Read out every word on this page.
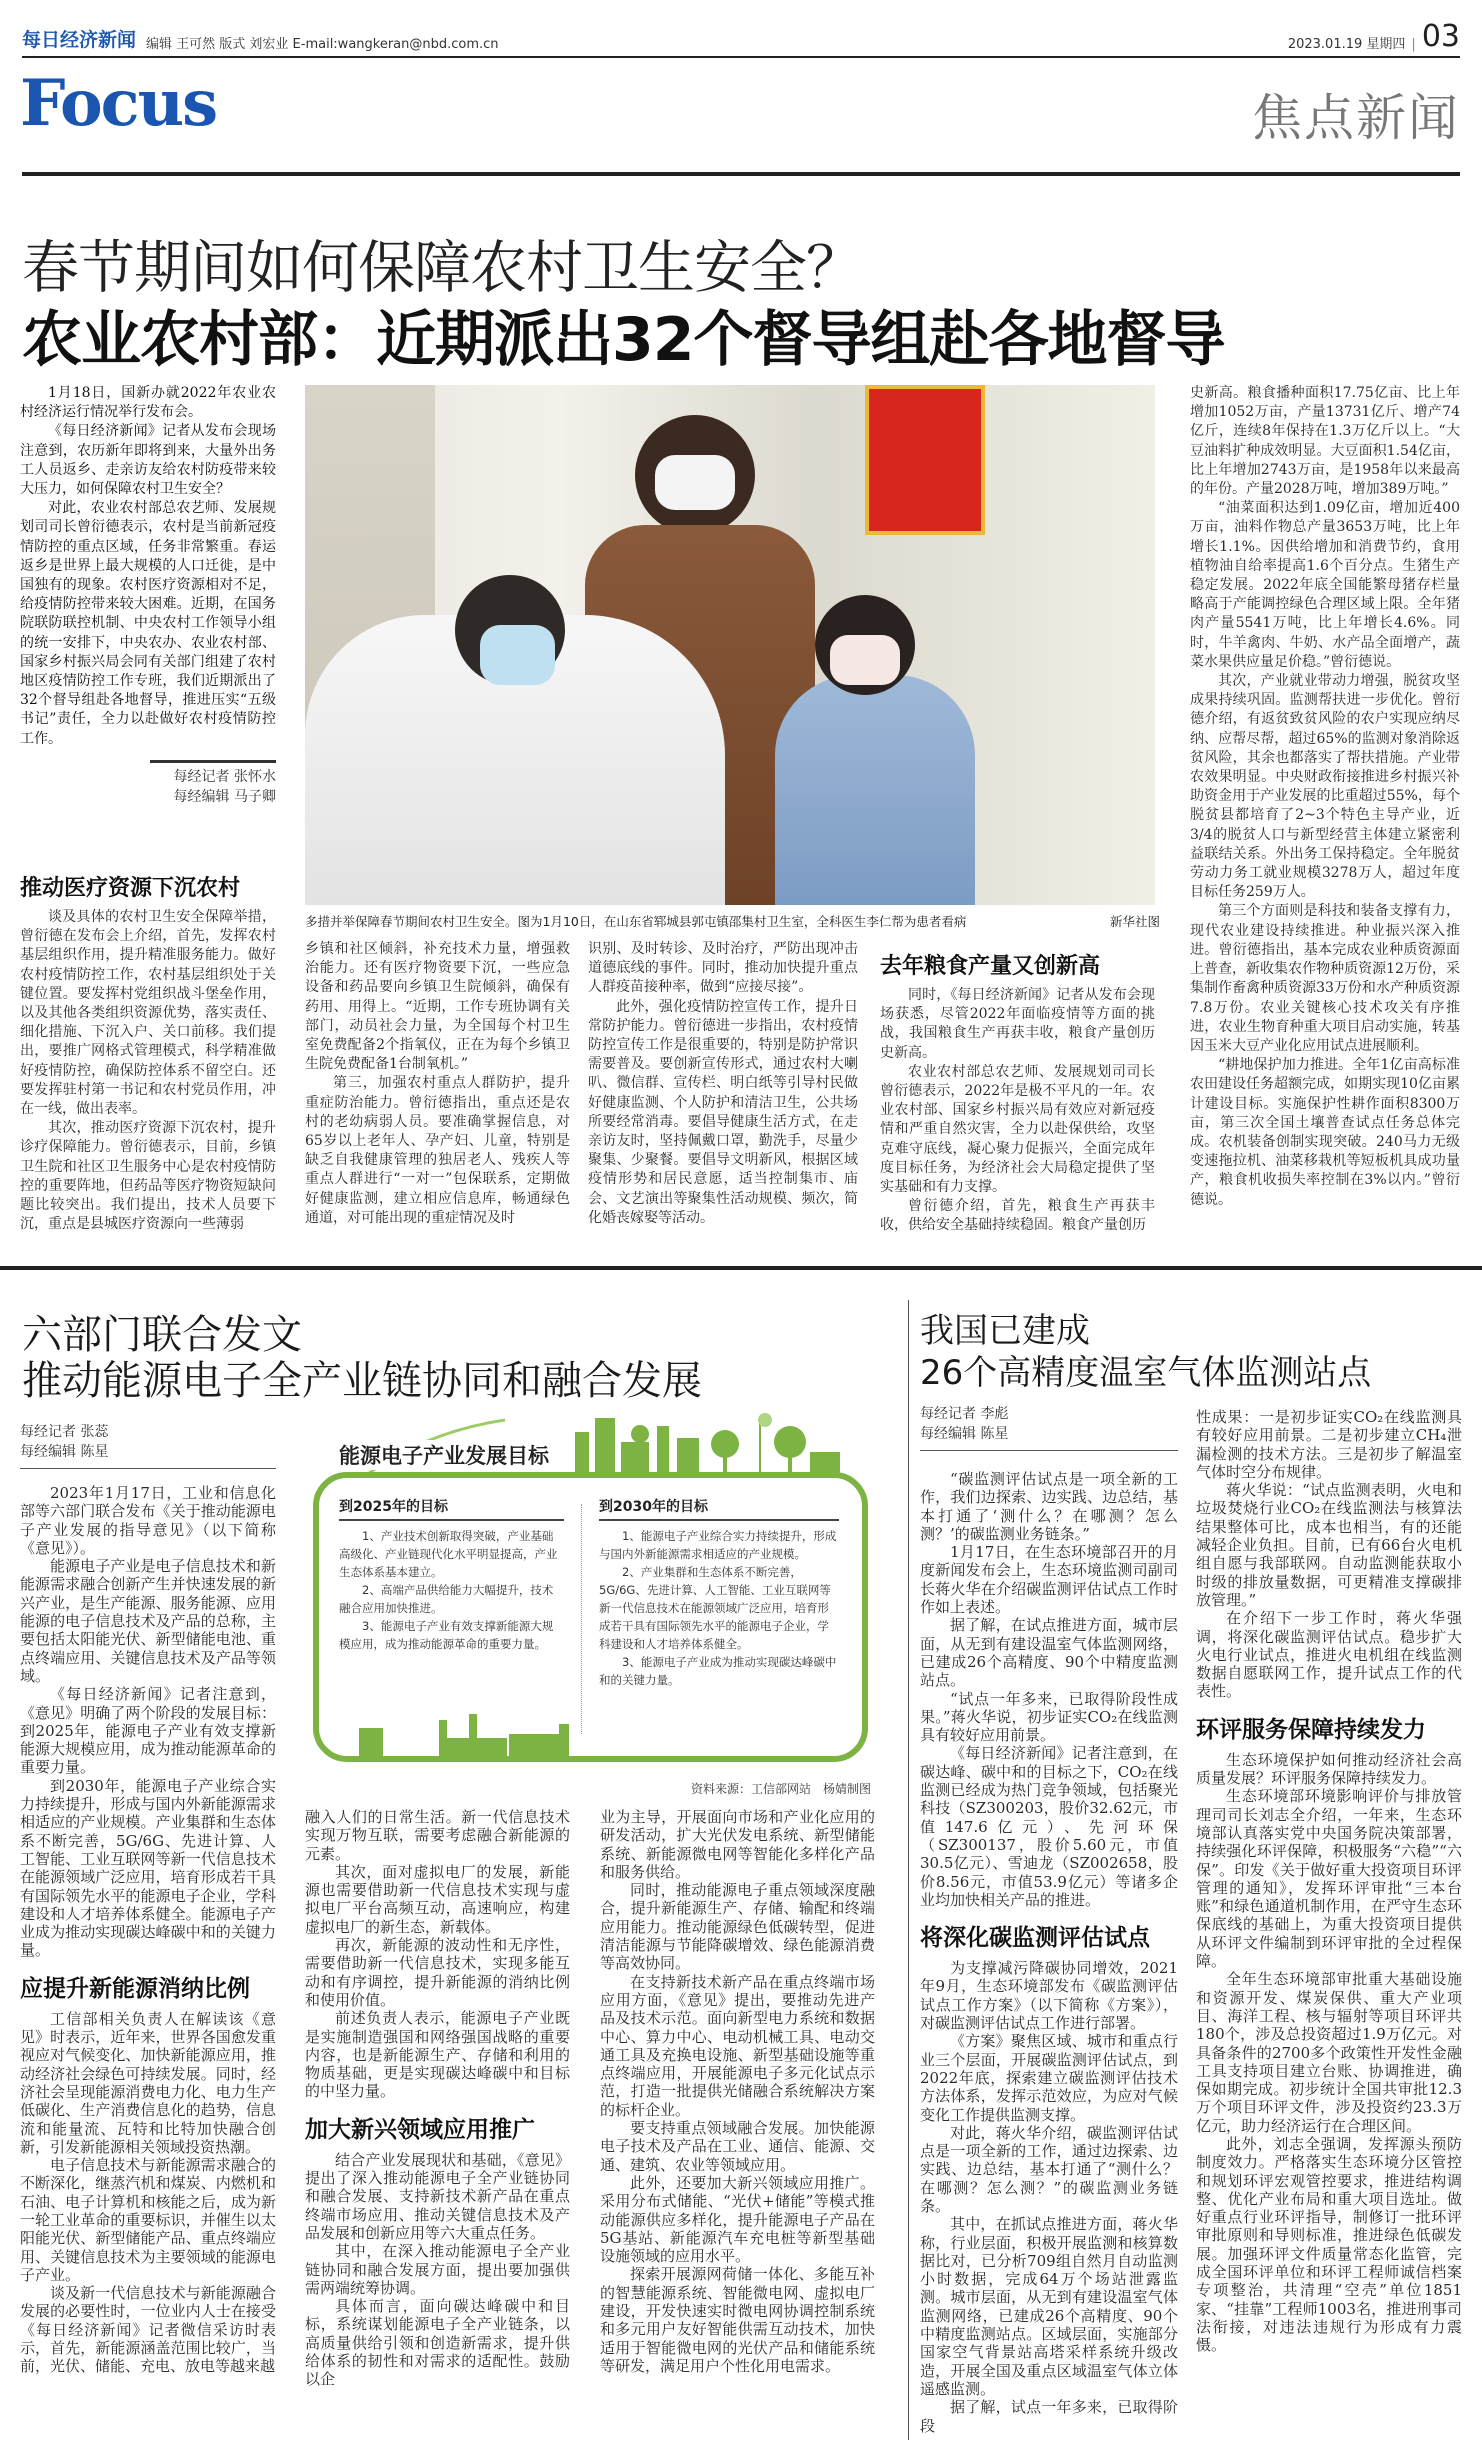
每日经济新闻 编辑 王可然 版式 刘宏业 E-mail:wangkeran@nbd.com.cn	2023.01.19 星期四 | 03
Focus	焦点新闻
春节期间如何保障农村卫生安全？
农业农村部：近期派出32个督导组赴各地督导

1月18日，国新办就2022年农业农村经济运行情况举行发布会。

《每日经济新闻》记者从发布会现场注意到，农历新年即将到来，大量外出务工人员返乡、走亲访友给农村防疫带来较大压力，如何保障农村卫生安全？

对此，农业农村部总农艺师、发展规划司司长曾衍德表示，农村是当前新冠疫情防控的重点区域，任务非常繁重。春运返乡是世界上最大规模的人口迁徙，是中国独有的现象。农村医疗资源相对不足，给疫情防控带来较大困难。近期，在国务院联防联控机制、中央农村工作领导小组的统一安排下，中央农办、农业农村部、国家乡村振兴局会同有关部门组建了农村地区疫情防控工作专班，我们近期派出了32个督导组赴各地督导，推进压实“五级书记”责任，全力以赴做好农村疫情防控工作。

每经记者 张怀水
每经编辑 马子卿
推动医疗资源下沉农村

谈及具体的农村卫生安全保障举措，曾衍德在发布会上介绍，首先，发挥农村基层组织作用，提升精准服务能力。做好农村疫情防控工作，农村基层组织处于关键位置。要发挥村党组织战斗堡垒作用，以及其他各类组织资源优势，落实责任、细化措施、下沉入户、关口前移。我们提出，要推广网格式管理模式，科学精准做好疫情防控，确保防控体系不留空白。还要发挥驻村第一书记和农村党员作用，冲在一线，做出表率。

其次，推动医疗资源下沉农村，提升诊疗保障能力。曾衍德表示，目前，乡镇卫生院和社区卫生服务中心是农村疫情防控的重要阵地，但药品等医疗物资短缺问题比较突出。我们提出，技术人员要下沉，重点是县城医疗资源向一些薄弱

多措并举保障春节期间农村卫生安全。图为1月10日，在山东省郓城县郭屯镇邵集村卫生室，全科医生李仁帮为患者看病	新华社图

乡镇和社区倾斜，补充技术力量，增强救治能力。还有医疗物资要下沉，一些应急设备和药品要向乡镇卫生院倾斜，确保有药用、用得上。“近期，工作专班协调有关部门，动员社会力量，为全国每个村卫生室免费配备2个指氧仪，正在为每个乡镇卫生院免费配备1台制氧机。”

第三，加强农村重点人群防护，提升重症防治能力。曾衍德指出，重点还是农村的老幼病弱人员。要准确掌握信息，对65岁以上老年人、孕产妇、儿童，特别是缺乏自我健康管理的独居老人、残疾人等重点人群进行“一对一”包保联系，定期做好健康监测，建立相应信息库，畅通绿色通道，对可能出现的重症情况及时

识别、及时转诊、及时治疗，严防出现冲击道德底线的事件。同时，推动加快提升重点人群疫苗接种率，做到“应接尽接”。

此外，强化疫情防控宣传工作，提升日常防护能力。曾衍德进一步指出，农村疫情防控宣传工作是很重要的，特别是防护常识需要普及。要创新宣传形式，通过农村大喇叭、微信群、宣传栏、明白纸等引导村民做好健康监测、个人防护和清洁卫生，公共场所要经常消毒。要倡导健康生活方式，在走亲访友时，坚持佩戴口罩，勤洗手，尽量少聚集、少聚餐。要倡导文明新风，根据区域疫情形势和居民意愿，适当控制集市、庙会、文艺演出等聚集性活动规模、频次，简化婚丧嫁娶等活动。

去年粮食产量又创新高

同时，《每日经济新闻》记者从发布会现场获悉，尽管2022年面临疫情等方面的挑战，我国粮食生产再获丰收，粮食产量创历史新高。

农业农村部总农艺师、发展规划司司长曾衍德表示，2022年是极不平凡的一年。农业农村部、国家乡村振兴局有效应对新冠疫情和严重自然灾害，全力以赴保供给，攻坚克难守底线，凝心聚力促振兴，全面完成年度目标任务，为经济社会大局稳定提供了坚实基础和有力支撑。

曾衍德介绍，首先，粮食生产再获丰收，供给安全基础持续稳固。粮食产量创历

史新高。粮食播种面积17.75亿亩、比上年增加1052万亩，产量13731亿斤、增产74亿斤，连续8年保持在1.3万亿斤以上。“大豆油料扩种成效明显。大豆面积1.54亿亩，比上年增加2743万亩，是1958年以来最高的年份。产量2028万吨，增加389万吨。”

“油菜面积达到1.09亿亩，增加近400万亩，油料作物总产量3653万吨，比上年增长1.1%。因供给增加和消费节约，食用植物油自给率提高1.6个百分点。生猪生产稳定发展。2022年底全国能繁母猪存栏量略高于产能调控绿色合理区域上限。全年猪肉产量5541万吨，比上年增长4.6%。同时，牛羊禽肉、牛奶、水产品全面增产，蔬菜水果供应量足价稳。”曾衍德说。

其次，产业就业带动力增强，脱贫攻坚成果持续巩固。监测帮扶进一步优化。曾衍德介绍，有返贫致贫风险的农户实现应纳尽纳、应帮尽帮，超过65%的监测对象消除返贫风险，其余也都落实了帮扶措施。产业带农效果明显。中央财政衔接推进乡村振兴补助资金用于产业发展的比重超过55%，每个脱贫县都培育了2~3个特色主导产业，近3/4的脱贫人口与新型经营主体建立紧密利益联结关系。外出务工保持稳定。全年脱贫劳动力务工就业规模3278万人，超过年度目标任务259万人。

第三个方面则是科技和装备支撑有力，现代农业建设持续推进。种业振兴深入推进。曾衍德指出，基本完成农业种质资源面上普查，新收集农作物种质资源12万份，采集制作畜禽种质资源33万份和水产种质资源7.8万份。农业关键核心技术攻关有序推进，农业生物育种重大项目启动实施，转基因玉米大豆产业化应用试点进展顺利。

“耕地保护加力推进。全年1亿亩高标准农田建设任务超额完成，如期实现10亿亩累计建设目标。实施保护性耕作面积8300万亩，第三次全国土壤普查试点任务总体完成。农机装备创制实现突破。240马力无级变速拖拉机、油菜移栽机等短板机具成功量产，粮食机收损失率控制在3%以内。”曾衍德说。

六部门联合发文
推动能源电子全产业链协同和融合发展
每经记者 张蕊
每经编辑 陈星

2023年1月17日，工业和信息化部等六部门联合发布《关于推动能源电子产业发展的指导意见》（以下简称《意见》）。

能源电子产业是电子信息技术和新能源需求融合创新产生并快速发展的新兴产业，是生产能源、服务能源、应用能源的电子信息技术及产品的总称，主要包括太阳能光伏、新型储能电池、重点终端应用、关键信息技术及产品等领域。

《每日经济新闻》记者注意到，《意见》明确了两个阶段的发展目标：到2025年，能源电子产业有效支撑新能源大规模应用，成为推动能源革命的重要力量。

到2030年，能源电子产业综合实力持续提升，形成与国内外新能源需求相适应的产业规模。产业集群和生态体系不断完善，5G/6G、先进计算、人工智能、工业互联网等新一代信息技术在能源领域广泛应用，培育形成若干具有国际领先水平的能源电子企业，学科建设和人才培养体系健全。能源电子产业成为推动实现碳达峰碳中和的关键力量。

应提升新能源消纳比例

工信部相关负责人在解读该《意见》时表示，近年来，世界各国愈发重视应对气候变化、加快新能源应用，推动经济社会绿色可持续发展。同时，经济社会呈现能源消费电力化、电力生产低碳化、生产消费信息化的趋势，信息流和能量流、瓦特和比特加快融合创新，引发新能源相关领域投资热潮。

电子信息技术与新能源需求融合的不断深化，继蒸汽机和煤炭、内燃机和石油、电子计算机和核能之后，成为新一轮工业革命的重要标识，并催生以太阳能光伏、新型储能产品、重点终端应用、关键信息技术为主要领域的能源电子产业。

谈及新一代信息技术与新能源融合发展的必要性时，一位业内人士在接受《每日经济新闻》记者微信采访时表示，首先，新能源涵盖范围比较广，当前，光伏、储能、充电、放电等越来越

到2025年的目标

1、产业技术创新取得突破，产业基础高级化、产业链现代化水平明显提高，产业生态体系基本建立。

2、高端产品供给能力大幅提升，技术融合应用加快推进。

3、能源电子产业有效支撑新能源大规模应用，成为推动能源革命的重要力量。

到2030年的目标

1、能源电子产业综合实力持续提升，形成与国内外新能源需求相适应的产业规模。

2、产业集群和生态体系不断完善，5G/6G、先进计算、人工智能、工业互联网等新一代信息技术在能源领域广泛应用，培育形成若干具有国际领先水平的能源电子企业，学科建设和人才培养体系健全。

3、能源电子产业成为推动实现碳达峰碳中和的关键力量。

能源电子产业发展目标
资料来源：工信部网站　杨婧制图

融入人们的日常生活。新一代信息技术实现万物互联，需要考虑融合新能源的元素。

其次，面对虚拟电厂的发展，新能源也需要借助新一代信息技术实现与虚拟电厂平台高频互动，高速响应，构建虚拟电厂的新生态，新载体。

再次，新能源的波动性和无序性，需要借助新一代信息技术，实现多能互动和有序调控，提升新能源的消纳比例和使用价值。

前述负责人表示，能源电子产业既是实施制造强国和网络强国战略的重要内容，也是新能源生产、存储和利用的物质基础，更是实现碳达峰碳中和目标的中坚力量。

加大新兴领域应用推广

结合产业发展现状和基础，《意见》提出了深入推动能源电子全产业链协同和融合发展、支持新技术新产品在重点终端市场应用、推动关键信息技术及产品发展和创新应用等六大重点任务。

其中，在深入推动能源电子全产业链协同和融合发展方面，提出要加强供需两端统筹协调。

具体而言，面向碳达峰碳中和目标，系统谋划能源电子全产业链条，以高质量供给引领和创造新需求，提升供给体系的韧性和对需求的适配性。鼓励以企

业为主导，开展面向市场和产业化应用的研发活动，扩大光伏发电系统、新型储能系统、新能源微电网等智能化多样化产品和服务供给。

同时，推动能源电子重点领域深度融合，提升新能源生产、存储、输配和终端应用能力。推动能源绿色低碳转型，促进清洁能源与节能降碳增效、绿色能源消费等高效协同。

在支持新技术新产品在重点终端市场应用方面，《意见》提出，要推动先进产品及技术示范。面向新型电力系统和数据中心、算力中心、电动机械工具、电动交通工具及充换电设施、新型基础设施等重点终端应用，开展能源电子多元化试点示范，打造一批提供光储融合系统解决方案的标杆企业。

要支持重点领域融合发展。加快能源电子技术及产品在工业、通信、能源、交通、建筑、农业等领域应用。

此外，还要加大新兴领域应用推广。采用分布式储能、“光伏+储能”等模式推动能源供应多样化，提升能源电子产品在5G基站、新能源汽车充电桩等新型基础设施领域的应用水平。

探索开展源网荷储一体化、多能互补的智慧能源系统、智能微电网、虚拟电厂建设，开发快速实时微电网协调控制系统和多元用户友好智能供需互动技术，加快适用于智能微电网的光伏产品和储能系统等研发，满足用户个性化用电需求。

我国已建成
26个高精度温室气体监测站点
每经记者 李彪
每经编辑 陈星

“碳监测评估试点是一项全新的工作，我们边探索、边实践、边总结，基本打通了‘测什么？在哪测？怎么测？’的碳监测业务链条。”

1月17日，在生态环境部召开的月度新闻发布会上，生态环境监测司副司长蒋火华在介绍碳监测评估试点工作时作如上表述。

据了解，在试点推进方面，城市层面，从无到有建设温室气体监测网络，已建成26个高精度、90个中精度监测站点。

“试点一年多来，已取得阶段性成果。”蒋火华说，初步证实CO₂在线监测具有较好应用前景。

《每日经济新闻》记者注意到，在碳达峰、碳中和的目标之下，CO₂在线监测已经成为热门竞争领域，包括聚光科技（SZ300203，股价32.62元，市值147.6亿元）、先河环保（SZ300137，股价5.60元，市值30.5亿元）、雪迪龙（SZ002658，股价8.56元，市值53.9亿元）等诸多企业均加快相关产品的推进。

将深化碳监测评估试点

为支撑减污降碳协同增效，2021年9月，生态环境部发布《碳监测评估试点工作方案》（以下简称《方案》），对碳监测评估试点工作进行部署。

《方案》聚焦区域、城市和重点行业三个层面，开展碳监测评估试点，到2022年底，探索建立碳监测评估技术方法体系，发挥示范效应，为应对气候变化工作提供监测支撑。

对此，蒋火华介绍，碳监测评估试点是一项全新的工作，通过边探索、边实践、边总结，基本打通了“测什么？在哪测？怎么测？”的碳监测业务链条。

其中，在抓试点推进方面，蒋火华称，行业层面，积极开展监测和核算数据比对，已分析709组自然月自动监测小时数据，完成64万个场站泄露监测。城市层面，从无到有建设温室气体监测网络，已建成26个高精度、90个中精度监测站点。区域层面，实施部分国家空气背景站高塔采样系统升级改造，开展全国及重点区域温室气体立体遥感监测。

据了解，试点一年多来，已取得阶段

性成果：一是初步证实CO₂在线监测具有较好应用前景。二是初步建立CH₄泄漏检测的技术方法。三是初步了解温室气体时空分布规律。

蒋火华说：“试点监测表明，火电和垃圾焚烧行业CO₂在线监测法与核算法结果整体可比，成本也相当，有的还能减轻企业负担。目前，已有66台火电机组自愿与我部联网。自动监测能获取小时级的排放量数据，可更精准支撑碳排放管理。”

在介绍下一步工作时，蒋火华强调，将深化碳监测评估试点。稳步扩大火电行业试点，推进火电机组在线监测数据自愿联网工作，提升试点工作的代表性。

环评服务保障持续发力

生态环境保护如何推动经济社会高质量发展？环评服务保障持续发力。

生态环境部环境影响评价与排放管理司司长刘志全介绍，一年来，生态环境部认真落实党中央国务院决策部署，持续强化环评保障，积极服务“六稳”“六保”。印发《关于做好重大投资项目环评管理的通知》，发挥环评审批“三本台账”和绿色通道机制作用，在严守生态环保底线的基础上，为重大投资项目提供从环评文件编制到环评审批的全过程保障。

全年生态环境部审批重大基础设施和资源开发、煤炭保供、重大产业项目、海洋工程、核与辐射等项目环评共180个，涉及总投资超过1.9万亿元。对具备条件的2700多个政策性开发性金融工具支持项目建立台账、协调推进，确保如期完成。初步统计全国共审批12.3万个项目环评文件，涉及投资约23.3万亿元，助力经济运行在合理区间。

此外，刘志全强调，发挥源头预防制度效力。严格落实生态环境分区管控和规划环评宏观管控要求，推进结构调整、优化产业布局和重大项目选址。做好重点行业环评指导，制修订一批环评审批原则和导则标准，推进绿色低碳发展。加强环评文件质量常态化监管，完成全国环评单位和环评工程师诚信档案专项整治，共清理“空壳”单位1851家、“挂靠”工程师1003名，推进刑事司法衔接，对违法违规行为形成有力震慑。
